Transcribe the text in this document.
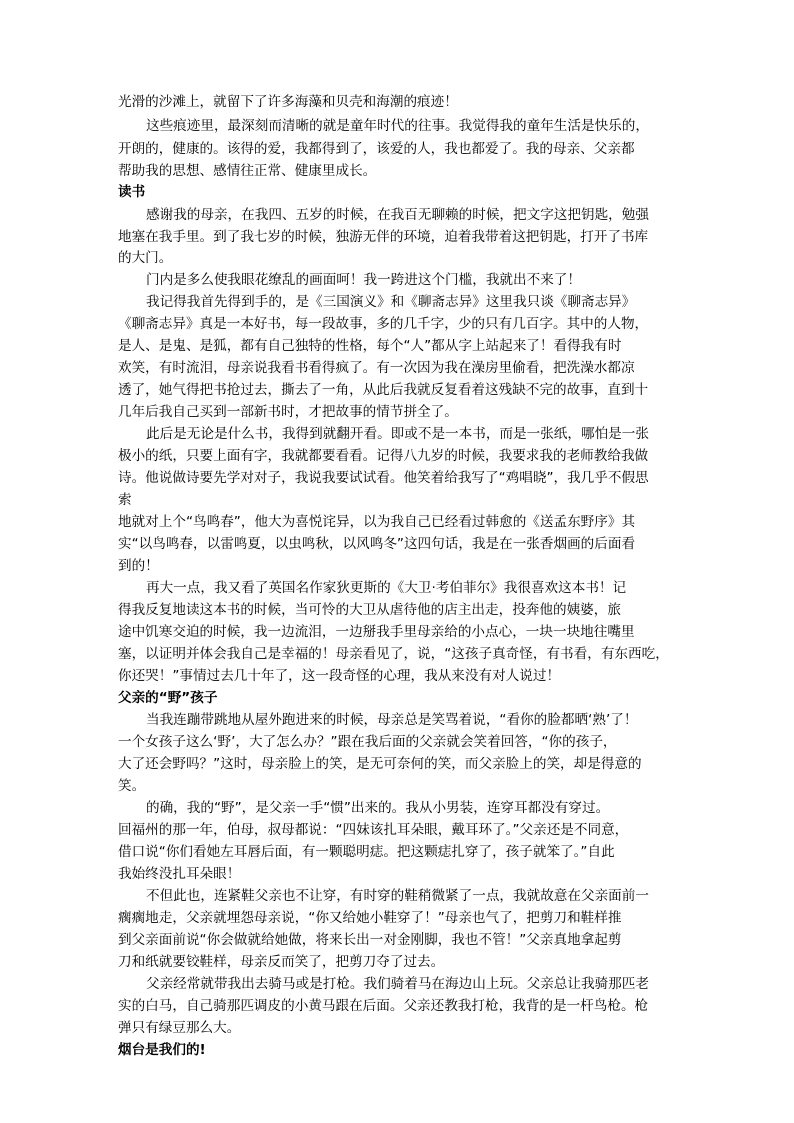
光滑的沙滩上，就留下了许多海藻和贝壳和海潮的痕迹！
这些痕迹里，最深刻而清晰的就是童年时代的往事。我觉得我的童年生活是快乐的，
开朗的，健康的。该得的爱，我都得到了，该爱的人，我也都爱了。我的母亲、父亲都
帮助我的思想、感情往正常、健康里成长。
读书
感谢我的母亲，在我四、五岁的时候，在我百无聊赖的时候，把文字这把钥匙，勉强
地塞在我手里。到了我七岁的时候，独游无伴的环境，迫着我带着这把钥匙，打开了书库
的大门。
门内是多么使我眼花缭乱的画面呵！我一跨进这个门槛，我就出不来了！
我记得我首先得到手的，是《三国演义》和《聊斋志异》这里我只谈《聊斋志异》
《聊斋志异》真是一本好书，每一段故事，多的几千字，少的只有几百字。其中的人物，
是人、是鬼、是狐，都有自己独特的性格，每个“人”都从字上站起来了！看得我有时
欢笑，有时流泪，母亲说我看书看得疯了。有一次因为我在澡房里偷看，把洗澡水都凉
透了，她气得把书抢过去，撕去了一角，从此后我就反复看着这残缺不完的故事，直到十
几年后我自己买到一部新书时，才把故事的情节拼全了。
此后是无论是什么书，我得到就翻开看。即或不是一本书，而是一张纸，哪怕是一张
极小的纸，只要上面有字，我就都要看看。记得八九岁的时候，我要求我的老师教给我做
诗。他说做诗要先学对对子，我说我要试试看。他笑着给我写了“鸡唱晓”，我几乎不假思
索
地就对上个“鸟鸣春”，他大为喜悦诧异，以为我自己已经看过韩愈的《送孟东野序》其
实“以鸟鸣春，以雷鸣夏，以虫鸣秋，以风鸣冬”这四句话，我是在一张香烟画的后面看
到的！
再大一点，我又看了英国名作家狄更斯的《大卫·考伯菲尔》我很喜欢这本书！记
得我反复地读这本书的时候，当可怜的大卫从虐待他的店主出走，投奔他的姨婆，旅
途中饥寒交迫的时候，我一边流泪，一边掰我手里母亲给的小点心，一块一块地往嘴里
塞，以证明并体会我自己是幸福的！母亲看见了，说，“这孩子真奇怪，有书看，有东西吃，
你还哭！”事情过去几十年了，这一段奇怪的心理，我从来没有对人说过！
父亲的“野”孩子
当我连蹦带跳地从屋外跑进来的时候，母亲总是笑骂着说，“看你的脸都晒‘熟’了！
一个女孩子这么‘野’，大了怎么办？”跟在我后面的父亲就会笑着回答，“你的孩子，
大了还会野吗？”这时，母亲脸上的笑，是无可奈何的笑，而父亲脸上的笑，却是得意的
笑。
的确，我的“野”，是父亲一手“惯”出来的。我从小男装，连穿耳都没有穿过。
回福州的那一年，伯母，叔母都说：“四妹该扎耳朵眼，戴耳环了。”父亲还是不同意，
借口说“你们看她左耳唇后面，有一颗聪明痣。把这颗痣扎穿了，孩子就笨了。”自此
我始终没扎耳朵眼！
不但此也，连紧鞋父亲也不让穿，有时穿的鞋稍微紧了一点，我就故意在父亲面前一
瘸瘸地走，父亲就埋怨母亲说，“你又给她小鞋穿了！”母亲也气了，把剪刀和鞋样推
到父亲面前说“你会做就给她做，将来长出一对金刚脚，我也不管！”父亲真地拿起剪
刀和纸就要铰鞋样，母亲反而笑了，把剪刀夺了过去。
父亲经常就带我出去骑马或是打枪。我们骑着马在海边山上玩。父亲总让我骑那匹老
实的白马，自己骑那匹调皮的小黄马跟在后面。父亲还教我打枪，我背的是一杆鸟枪。枪
弹只有绿豆那么大。
烟台是我们的!
